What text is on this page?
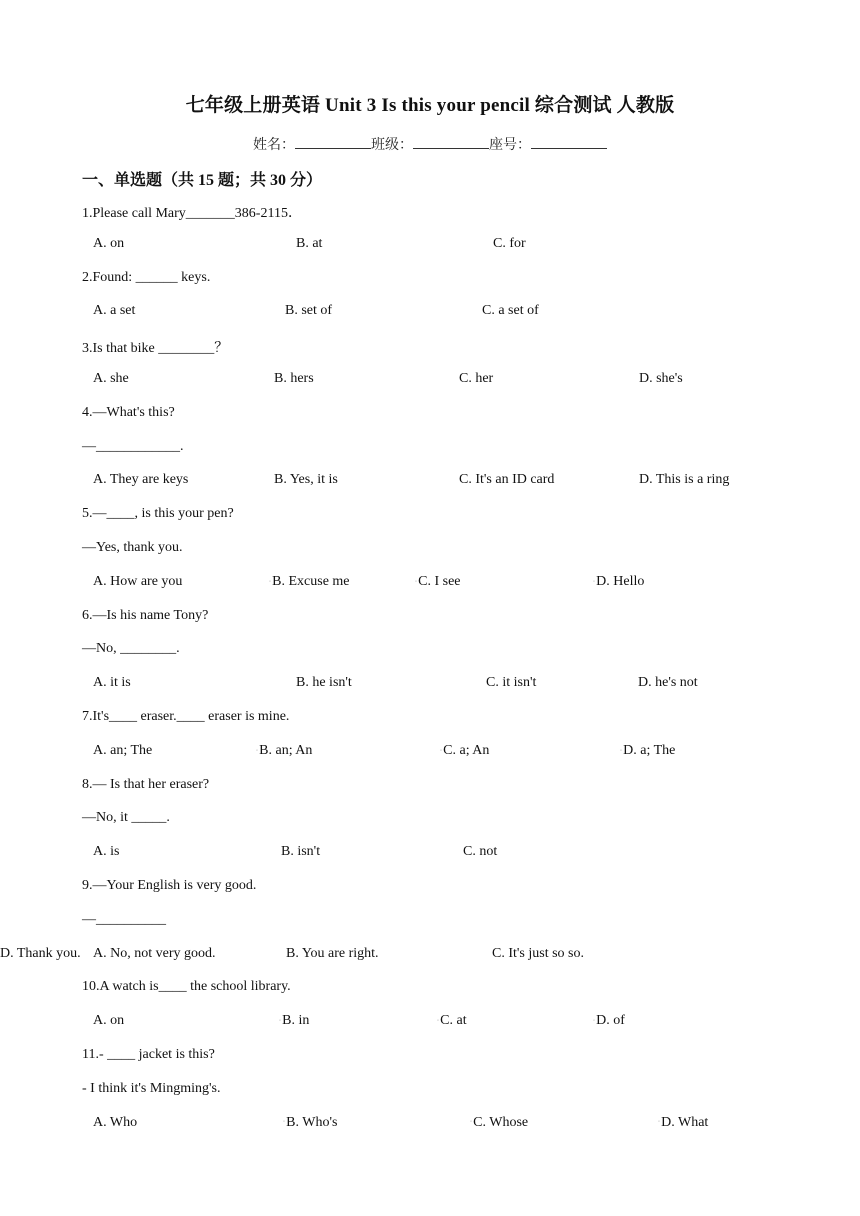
七年级上册英语 Unit 3 Is this your pencil 综合测试 人教版
姓名：	班级：	座号：
一、单选题（共 15 题；共 30 分）
1.Please call Mary_______386-2115．
A. on	B. at	C. for
2.Found: ______ keys.
A. a set	B. set of	C. a set of
3.Is that bike ________？
A. she	B. hers	C. her	D. she's
4.—What's this?
—____________.
A. They are keys	B. Yes, it is	C. It's an ID card	D. This is a ring
5.—____, is this your pen?
—Yes, thank you.
A. How are you	◦B. Excuse me	◦C. I see	◦D. Hello
6.—Is his name Tony?
—No, ________.
A. it is	B. he isn't	C. it isn't	D. he's not
7.It's____ eraser.____ eraser is mine.
A. an; The	◦B. an; An	◦C. a; An	◦D. a; The
8.— Is that her eraser?
—No, it _____.
A. is	B. isn't	C. not
9.—Your English is very good.
—__________
A. No, not very good.	B. You are right.	C. It's just so so.
D. Thank you.
10.A watch is____ the school library.
A. on	◦B. in	◦C. at	◦D. of
11.- ____ jacket is this?
- I think it's Mingming's.
A. Who	◦B. Who's	◦C. Whose	◦D. What
